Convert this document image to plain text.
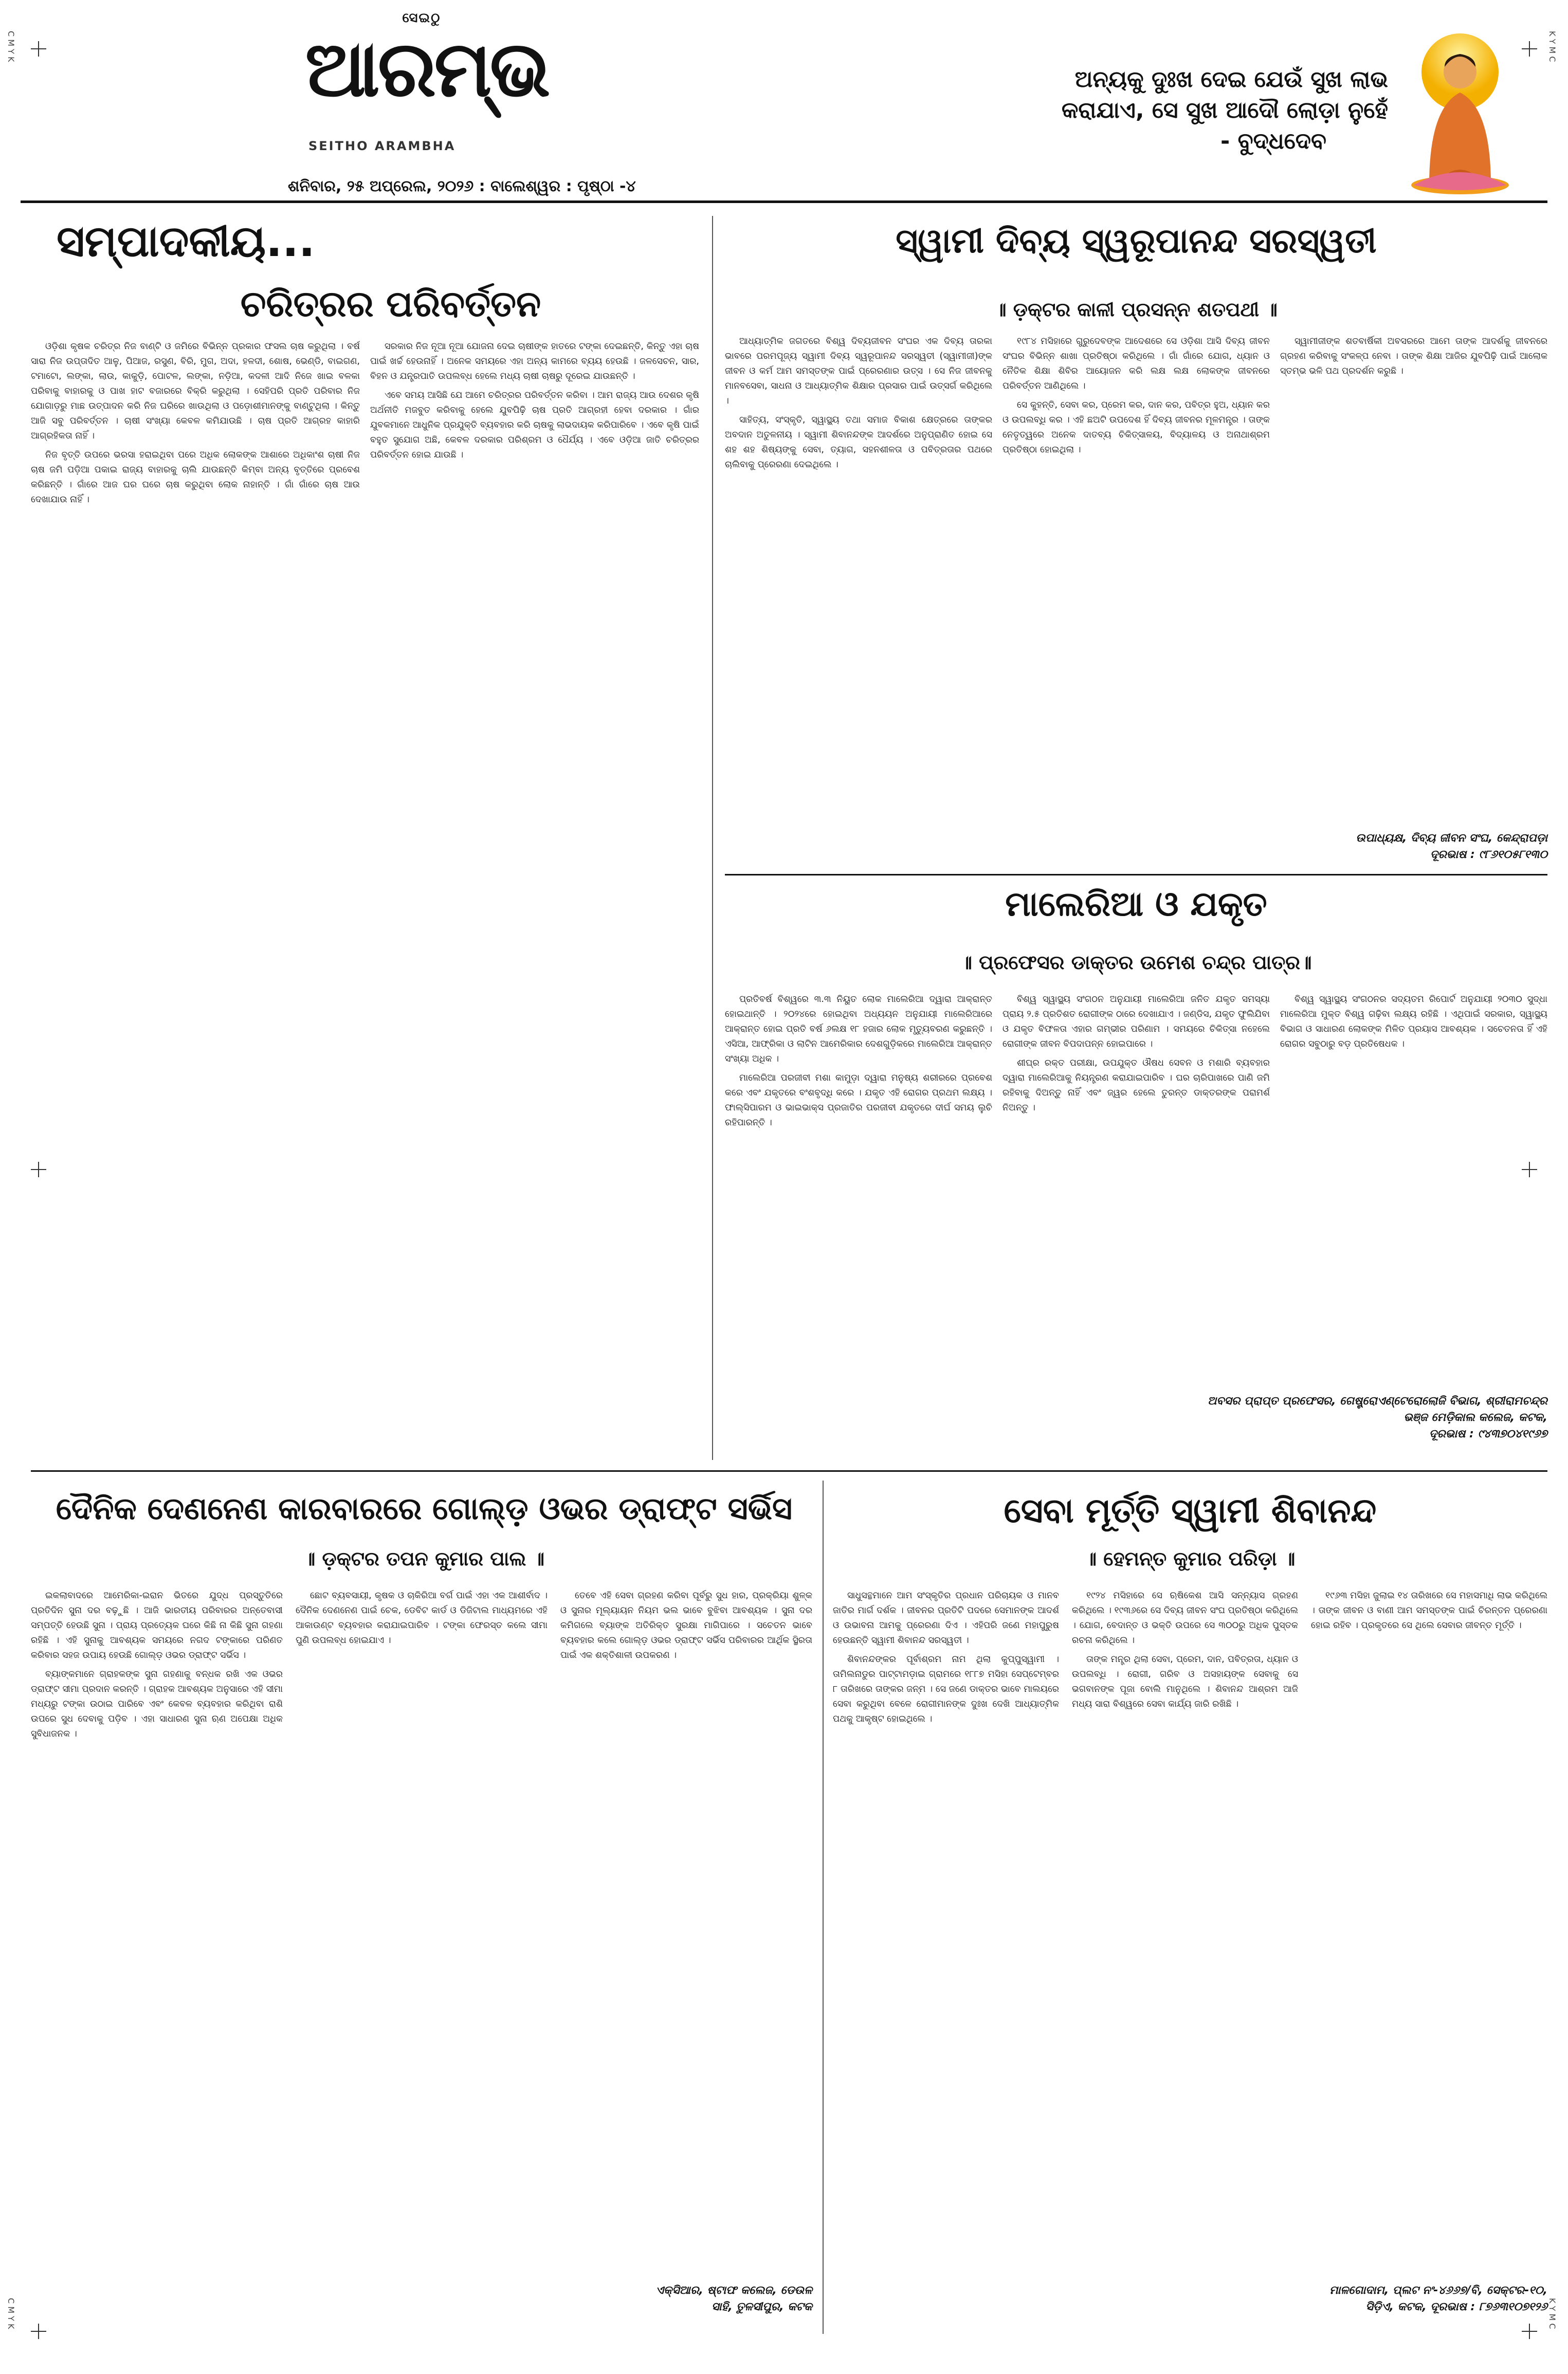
C M Y K	K Y M C
C M Y K	K Y M C
ସେଇଠୁ
ଆରମ୍ଭ
SEITHO ARAMBHA
ଶନିବାର, ୨୫ ଅପ୍ରେଲ, ୨୦୨୬ : ବାଲେଶ୍ୱର : ପୃଷ୍ଠା -୪
ଅନ୍ୟକୁ ଦୁଃଖ ଦେଇ ଯେଉଁ ସୁଖ ଲାଭ
କରାଯାଏ, ସେ ସୁଖ ଆଦୌ ଲୋଡ଼ା ନୁହେଁ
- ବୁଦ୍ଧଦେବ
ସମ୍ପାଦକୀୟ...
ଚରିତ୍ରର ପରିବର୍ତ୍ତନ

ଓଡ଼ିଶା କୃଷକ ଚରିତ୍ର ନିଜ ବାଣ୍ଟି ଓ ଜମିରେ ବିଭିନ୍ନ ପ୍ରକାର ଫସଲ ଚାଷ କରୁଥିଲା । ବର୍ଷ ସାରା ନିଜ ଉପ୍ତାଦିତ ଆଳୁ, ପିଆଜ, ରସୁଣ, ବିରି, ମୁଗ, ଅଦା, ହଳଦୀ, ଶୋଷ, ଭେଣ୍ଡି, ବାଇଗଣ, ଟମାଟୋ, ଲଙ୍କା, ଲାଉ, କାକୁଡ଼ି, ପୋଟଳ, ଲଙ୍କା, ନଡ଼ିଆ, କଦଳୀ ଆଦି ନିଜେ ଖାଇ ବଳକା ପରିବାକୁ ବାହାରକୁ ଓ ପାଖ ହାଟ ବଜାରରେ ବିକ୍ରି କରୁଥିଲା । ସେହିପରି ପ୍ରତି ପରିବାର ନିଜ ଯୋଗାଡ଼ରୁ ମାଛ ଉତ୍ପାଦନ କରି ନିଜ ଘରିରେ ଖାଉଥିଲା ଓ ପଡ଼ୋଶୀମାନଙ୍କୁ ବାଣ୍ଟୁଥିଲା । କିନ୍ତୁ ଆଜି ସବୁ ପରିବର୍ତ୍ତନ । ଚାଷୀ ସଂଖ୍ୟା କେବଳ କମିଯାଉଛି । ଚାଷ ପ୍ରତି ଆଗ୍ରହ କାହାରି ଆଗ୍ରହିକତା ନାହିଁ ।

ନିଜ ବୃତ୍ତି ଉପରେ ଭରସା ହରାଇଥିବା ପରେ ଅଧିକ ଲୋକଙ୍କ ଆଶାରେ ଅଧିକାଂଶ ଚାଷୀ ନିଜ ଚାଷ ଜମି ପଡ଼ିଆ ପକାଇ ରାଜ୍ୟ ବାହାରକୁ ଚାଲି ଯାଉଛନ୍ତି କିମ୍ବା ଅନ୍ୟ ବୃତ୍ତିରେ ପ୍ରବେଶ କରିଛନ୍ତି । ଗାଁରେ ଆଜ ଘର ଘରେ ଚାଷ କରୁଥିବା ଲୋକ ନାହାନ୍ତି । ଗାଁ ଗାଁରେ ଚାଷ ଆଉ ଦେଖାଯାଉ ନାହିଁ ।

ସରକାର ନିଜ ନୂଆ ନୂଆ ଯୋଜନା ଦେଇ ଚାଷୀଙ୍କ ହାତରେ ଟଙ୍କା ଦେଇଛନ୍ତି, କିନ୍ତୁ ଏହା ଚାଷ ପାଇଁ ଖର୍ଚ୍ଚ ହେଉନାହିଁ । ଅନେକ ସମୟରେ ଏହା ଅନ୍ୟ କାମରେ ବ୍ୟୟ ହେଉଛି । ଜଳସେଚନ, ସାର, ବିହନ ଓ ଯନ୍ତ୍ରପାତି ଉପଲବ୍ଧ ହେଲେ ମଧ୍ୟ ଚାଷୀ ଚାଷରୁ ଦୂରେଇ ଯାଉଛନ୍ତି ।

ଏବେ ସମୟ ଆସିଛି ଯେ ଆମେ ଚରିତ୍ରର ପରିବର୍ତ୍ତନ କରିବା । ଆମ ରାଜ୍ୟ ଆଉ ଦେଶର କୃଷି ଅର୍ଥନୀତି ମଜବୁତ କରିବାକୁ ହେଲେ ଯୁବପିଢ଼ି ଚାଷ ପ୍ରତି ଆଗ୍ରହୀ ହେବା ଦରକାର । ଗାଁର ଯୁବକମାନେ ଆଧୁନିକ ପ୍ରଯୁକ୍ତି ବ୍ୟବହାର କରି ଚାଷକୁ ଲାଭଦାୟକ କରିପାରିବେ । ଏବେ କୃଷି ପାଇଁ ବହୁତ ସୁଯୋଗ ଅଛି, କେବଳ ଦରକାର ପରିଶ୍ରମ ଓ ଧୈର୍ଯ୍ୟ । ଏବେ ଓଡ଼ିଆ ଜାତି ଚରିତ୍ରର ପରିବର୍ତ୍ତନ ହୋଇ ଯାଉଛି ।

ସ୍ୱାମୀ ଦିବ୍ୟ ସ୍ୱରୂପାନନ୍ଦ ସରସ୍ୱତୀ
॥ ଡ଼କ୍ଟର କାଳୀ ପ୍ରସନ୍ନ ଶତପଥୀ ॥

ଆଧ୍ୟାତ୍ମିକ ଜଗତରେ ବିଶ୍ୱ ଦିବ୍ୟଜୀବନ ସଂଘର ଏକ ଦିବ୍ୟ ତାରକା ଭାବରେ ପରମପୂଜ୍ୟ ସ୍ୱାମୀ ଦିବ୍ୟ ସ୍ୱରୂପାନନ୍ଦ ସରସ୍ୱତୀ (ସ୍ୱାମୀଜୀ)ଙ୍କ ଜୀବନ ଓ କର୍ମ ଆମ ସମସ୍ତଙ୍କ ପାଇଁ ପ୍ରେରଣାର ଉତ୍ସ । ସେ ନିଜ ଜୀବନକୁ ମାନବସେବା, ସାଧନା ଓ ଆଧ୍ୟାତ୍ମିକ ଶିକ୍ଷାର ପ୍ରସାର ପାଇଁ ଉତ୍ସର୍ଗ କରିଥିଲେ ।

ସାହିତ୍ୟ, ସଂସ୍କୃତି, ସ୍ୱାସ୍ଥ୍ୟ ତଥା ସମାଜ ବିକାଶ କ୍ଷେତ୍ରରେ ତାଙ୍କର ଅବଦାନ ଅତୁଳନୀୟ । ସ୍ୱାମୀ ଶିବାନନ୍ଦଙ୍କ ଆଦର୍ଶରେ ଅନୁପ୍ରାଣିତ ହୋଇ ସେ ଶହ ଶହ ଶିଷ୍ୟଙ୍କୁ ସେବା, ତ୍ୟାଗ, ସହନଶୀଳତା ଓ ପବିତ୍ରତାର ପଥରେ ଚାଲିବାକୁ ପ୍ରେରଣା ଦେଇଥିଲେ ।

୧୯୮୪ ମସିହାରେ ଗୁରୁଦେବଙ୍କ ଆଦେଶରେ ସେ ଓଡ଼ିଶା ଆସି ଦିବ୍ୟ ଜୀବନ ସଂଘର ବିଭିନ୍ନ ଶାଖା ପ୍ରତିଷ୍ଠା କରିଥିଲେ । ଗାଁ ଗାଁରେ ଯୋଗ, ଧ୍ୟାନ ଓ ନୈତିକ ଶିକ୍ଷା ଶିବିର ଆୟୋଜନ କରି ଲକ୍ଷ ଲକ୍ଷ ଲୋକଙ୍କ ଜୀବନରେ ପରିବର୍ତ୍ତନ ଆଣିଥିଲେ ।

ସେ କୁହନ୍ତି, ସେବା କର, ପ୍ରେମ କର, ଦାନ କର, ପବିତ୍ର ହୁଅ, ଧ୍ୟାନ କର ଓ ଉପଲବ୍ଧି କର । ଏହି ଛଅଟି ଉପଦେଶ ହିଁ ଦିବ୍ୟ ଜୀବନର ମୂଳମନ୍ତ୍ର । ତାଙ୍କ ନେତୃତ୍ୱରେ ଅନେକ ଦାତବ୍ୟ ଚିକିତ୍ସାଳୟ, ବିଦ୍ୟାଳୟ ଓ ଅନାଥାଶ୍ରମ ପ୍ରତିଷ୍ଠା ହୋଇଥିଲା ।

ସ୍ୱାମୀଜୀଙ୍କ ଶତବାର୍ଷିକୀ ଅବସରରେ ଆମେ ତାଙ୍କ ଆଦର୍ଶକୁ ଜୀବନରେ ଗ୍ରହଣ କରିବାକୁ ସଂକଳ୍ପ ନେବା । ତାଙ୍କ ଶିକ୍ଷା ଆଜିର ଯୁବପିଢ଼ି ପାଇଁ ଆଲୋକ ସ୍ତମ୍ଭ ଭଳି ପଥ ପ୍ରଦର୍ଶନ କରୁଛି ।

ଉପାଧ୍ୟକ୍ଷ, ଦିବ୍ୟ ଜୀବନ ସଂଘ, କେନ୍ଦ୍ରାପଡ଼ା
ଦୂରଭାଷ : ୯୮୬୧୦୫୮୧୩୦
ମାଲେରିଆ ଓ ଯକୃତ
॥ ପ୍ରଫେସର ଡାକ୍ତର ଉମେଶ ଚନ୍ଦ୍ର ପାତ୍ର॥

ପ୍ରତିବର୍ଷ ବିଶ୍ୱରେ ୩.୩ ନିୟୁତ ଲୋକ ମାଲେରିଆ ଦ୍ୱାରା ଆକ୍ରାନ୍ତ ହୋଇଥାନ୍ତି । ୨୦୨୪ରେ ହୋଇଥିବା ଅଧ୍ୟୟନ ଅନୁଯାୟୀ ମାଲେରିଆରେ ଆକ୍ରାନ୍ତ ହୋଇ ପ୍ରତି ବର୍ଷ ୬ଲକ୍ଷ ୧୮ ହଜାର ଲୋକ ମୃତ୍ୟୁବରଣ କରୁଛନ୍ତି । ଏସିଆ, ଆଫ୍ରିକା ଓ ଲାଟିନ ଆମେରିକାର ଦେଶଗୁଡ଼ିକରେ ମାଲେରିଆ ଆକ୍ରାନ୍ତ ସଂଖ୍ୟା ଅଧିକ ।

ମାଲେରିଆ ପରଜୀବୀ ମଶା କାମୁଡ଼ା ଦ୍ୱାରା ମନୁଷ୍ୟ ଶରୀରରେ ପ୍ରବେଶ କରେ ଏବଂ ଯକୃତରେ ବଂଶବୃଦ୍ଧି କରେ । ଯକୃତ ଏହି ରୋଗର ପ୍ରଥମ ଲକ୍ଷ୍ୟ । ଫାଲ୍ସିପାରମ ଓ ଭାଇଭାକ୍ସ ପ୍ରଜାତିର ପରଜୀବୀ ଯକୃତରେ ଦୀର୍ଘ ସମୟ ଲୁଚି ରହିପାରନ୍ତି ।

ବିଶ୍ୱ ସ୍ୱାସ୍ଥ୍ୟ ସଂଗଠନ ଅନୁଯାୟୀ ମାଲେରିଆ ଜନିତ ଯକୃତ ସମସ୍ୟା ପ୍ରାୟ ୨.୫ ପ୍ରତିଶତ ରୋଗୀଙ୍କ ଠାରେ ଦେଖାଯାଏ । ଜଣ୍ଡିସ, ଯକୃତ ଫୁଲିଯିବା ଓ ଯକୃତ ବିଫଳତା ଏହାର ଗମ୍ଭୀର ପରିଣାମ । ସମୟରେ ଚିକିତ୍ସା ନହେଲେ ରୋଗୀଙ୍କ ଜୀବନ ବିପଦାପନ୍ନ ହୋଇପାରେ ।

ଶୀଘ୍ର ରକ୍ତ ପରୀକ୍ଷା, ଉପଯୁକ୍ତ ଔଷଧ ସେବନ ଓ ମଶାରି ବ୍ୟବହାର ଦ୍ୱାରା ମାଲେରିଆକୁ ନିୟନ୍ତ୍ରଣ କରାଯାଇପାରିବ । ଘର ଚାରିପାଖରେ ପାଣି ଜମି ରହିବାକୁ ଦିଅନ୍ତୁ ନାହିଁ ଏବଂ ଜ୍ୱର ହେଲେ ତୁରନ୍ତ ଡାକ୍ତରଙ୍କ ପରାମର୍ଶ ନିଅନ୍ତୁ ।

ବିଶ୍ୱ ସ୍ୱାସ୍ଥ୍ୟ ସଂଗଠନର ସଦ୍ୟତମ ରିପୋର୍ଟ ଅନୁଯାୟୀ ୨୦୩୦ ସୁଦ୍ଧା ମାଲେରିଆ ମୁକ୍ତ ବିଶ୍ୱ ଗଢ଼ିବା ଲକ୍ଷ୍ୟ ରହିଛି । ଏଥିପାଇଁ ସରକାର, ସ୍ୱାସ୍ଥ୍ୟ ବିଭାଗ ଓ ସାଧାରଣ ଲୋକଙ୍କ ମିଳିତ ପ୍ରୟାସ ଆବଶ୍ୟକ । ସଚେତନତା ହିଁ ଏହି ରୋଗର ସବୁଠାରୁ ବଡ଼ ପ୍ରତିଷେଧକ ।

ଅବସର ପ୍ରାପ୍ତ ପ୍ରଫେସର, ଗେଷ୍ଟ୍ରୋଏଣ୍ଟେରୋଲୋଜି ବିଭାଗ, ଶ୍ରୀରାମଚନ୍ଦ୍ର
ଭଞ୍ଜ ମେଡ଼ିକାଲ କଲେଜ, କଟକ,
ଦୂରଭାଷ : ୯୪୩୭୦୪୧୯୬୭
ଦୈନିକ ଦେଣନେଣ କାରବାରରେ ଗୋଲ୍ଡ଼ ଓଭର ଡ୍ରାଫ୍ଟ ସର୍ଭିସ
॥ ଡ଼କ୍ଟର ତପନ କୁମାର ପାଲ ॥

ଇକଲାବାଦରେ ଆମେରିକା-ଇରାନ ଭିତରେ ଯୁଦ୍ଧ ପ୍ରସ୍ତୁତିରେ ପ୍ରତିଦିନ ସୁନା ଦର ବଢ଼ୁଛି । ଆଜି ଭାରତୀୟ ପରିବାରର ଅନ୍ତେବାସୀ ସମ୍ପତ୍ତି ହେଉଛି ସୁନା । ପ୍ରାୟ ପ୍ରତ୍ୟେକ ଘରେ କିଛି ନା କିଛି ସୁନା ଗହଣା ରହିଛି । ଏହି ସୁନାକୁ ଆବଶ୍ୟକ ସମୟରେ ନଗଦ ଟଙ୍କାରେ ପରିଣତ କରିବାର ସହଜ ଉପାୟ ହେଉଛି ଗୋଲ୍ଡ଼ ଓଭର ଡ୍ରାଫ୍ଟ ସର୍ଭିସ ।

ବ୍ୟାଙ୍କମାନେ ଗ୍ରାହକଙ୍କ ସୁନା ଗହଣାକୁ ବନ୍ଧକ ରଖି ଏକ ଓଭର ଡ୍ରାଫ୍ଟ ସୀମା ପ୍ରଦାନ କରନ୍ତି । ଗ୍ରାହକ ଆବଶ୍ୟକ ଅନୁସାରେ ଏହି ସୀମା ମଧ୍ୟରୁ ଟଙ୍କା ଉଠାଇ ପାରିବେ ଏବଂ କେବଳ ବ୍ୟବହାର କରିଥିବା ରାଶି ଉପରେ ସୁଧ ଦେବାକୁ ପଡ଼ିବ । ଏହା ସାଧାରଣ ସୁନା ଋଣ ଅପେକ୍ଷା ଅଧିକ ସୁବିଧାଜନକ ।

ଛୋଟ ବ୍ୟବସାୟୀ, କୃଷକ ଓ ଚାକିରିଆ ବର୍ଗ ପାଇଁ ଏହା ଏକ ଆଶୀର୍ବାଦ । ଦୈନିକ ଦେଣନେଣ ପାଇଁ ଚେକ, ଡେବିଟ କାର୍ଡ ଓ ଡିଜିଟାଲ ମାଧ୍ୟମରେ ଏହି ଆକାଉଣ୍ଟ ବ୍ୟବହାର କରାଯାଇପାରିବ । ଟଙ୍କା ଫେରସ୍ତ କଲେ ସୀମା ପୁଣି ଉପଲବ୍ଧ ହୋଇଯାଏ ।

ତେବେ ଏହି ସେବା ଗ୍ରହଣ କରିବା ପୂର୍ବରୁ ସୁଧ ହାର, ପ୍ରକ୍ରିୟା ଶୁଳ୍କ ଓ ସୁନାର ମୂଲ୍ୟାୟନ ନିୟମ ଭଲ ଭାବେ ବୁଝିବା ଆବଶ୍ୟକ । ସୁନା ଦର କମିଗଲେ ବ୍ୟାଙ୍କ ଅତିରିକ୍ତ ସୁରକ୍ଷା ମାଗିପାରେ । ସଚେତନ ଭାବେ ବ୍ୟବହାର କଲେ ଗୋଲ୍ଡ଼ ଓଭର ଡ୍ରାଫ୍ଟ ସର୍ଭିସ ପରିବାରର ଆର୍ଥିକ ସ୍ଥିରତା ପାଇଁ ଏକ ଶକ୍ତିଶାଳୀ ଉପକରଣ ।

ଏକ୍ସିଆର, ଷ୍ଟାଫ କଲେଜ, ଡେଉଳ
ସାହି, ତୁଳସୀପୁର, କଟକ
ସେବା ମୂର୍ତ୍ତି ସ୍ୱାମୀ ଶିବାନନ୍ଦ
॥ ହେମନ୍ତ କୁମାର ପରିଡ଼ା ॥

ସାଧୁସନ୍ଥମାନେ ଆମ ସଂସ୍କୃତିର ପ୍ରଧାନ ପରିଚାୟକ ଓ ମାନବ ଜାତିର ମାର୍ଗ ଦର୍ଶକ । ଜୀବନର ପ୍ରତିଟି ପଦରେ ସେମାନଙ୍କ ଆଦର୍ଶ ଓ ଉଭାବନା ଆମକୁ ପ୍ରେରଣା ଦିଏ । ଏହିପରି ଜଣେ ମହାପୁରୁଷ ହେଉଛନ୍ତି ସ୍ୱାମୀ ଶିବାନନ୍ଦ ସରସ୍ୱତୀ ।

ଶିବାନନ୍ଦଙ୍କର ପୂର୍ବାଶ୍ରମ ନାମ ଥିଲା କୁପ୍ପୁସ୍ୱାମୀ । ତାମିଲନାଡୁର ପାଟ୍ଟାମଡ଼ାଇ ଗ୍ରାମରେ ୧୮୮୭ ମସିହା ସେପ୍ଟେମ୍ବର ୮ ତାରିଖରେ ତାଙ୍କର ଜନ୍ମ । ସେ ଜଣେ ଡାକ୍ତର ଭାବେ ମାଲୟରେ ସେବା କରୁଥିବା ବେଳେ ରୋଗୀମାନଙ୍କ ଦୁଃଖ ଦେଖି ଆଧ୍ୟାତ୍ମିକ ପଥକୁ ଆକୃଷ୍ଟ ହୋଇଥିଲେ ।

୧୯୨୪ ମସିହାରେ ସେ ଋଷିକେଶ ଆସି ସନ୍ନ୍ୟାସ ଗ୍ରହଣ କରିଥିଲେ । ୧୯୩୬ରେ ସେ ଦିବ୍ୟ ଜୀବନ ସଂଘ ପ୍ରତିଷ୍ଠା କରିଥିଲେ । ଯୋଗ, ବେଦାନ୍ତ ଓ ଭକ୍ତି ଉପରେ ସେ ୩୦୦ରୁ ଅଧିକ ପୁସ୍ତକ ରଚନା କରିଥିଲେ ।

ତାଙ୍କ ମନ୍ତ୍ର ଥିଲା ସେବା, ପ୍ରେମ, ଦାନ, ପବିତ୍ରତା, ଧ୍ୟାନ ଓ ଉପଲବ୍ଧି । ରୋଗୀ, ଗରିବ ଓ ଅସହାୟଙ୍କ ସେବାକୁ ସେ ଭଗବାନଙ୍କ ପୂଜା ବୋଲି ମାନୁଥିଲେ । ଶିବାନନ୍ଦ ଆଶ୍ରମ ଆଜି ମଧ୍ୟ ସାରା ବିଶ୍ୱରେ ସେବା କାର୍ଯ୍ୟ ଜାରି ରଖିଛି ।

୧୯୬୩ ମସିହା ଜୁଲାଇ ୧୪ ତାରିଖରେ ସେ ମହାସମାଧି ଲାଭ କରିଥିଲେ । ତାଙ୍କ ଜୀବନ ଓ ବାଣୀ ଆମ ସମସ୍ତଙ୍କ ପାଇଁ ଚିରନ୍ତନ ପ୍ରେରଣା ହୋଇ ରହିବ । ପ୍ରକୃତରେ ସେ ଥିଲେ ସେବାର ଜୀବନ୍ତ ମୂର୍ତ୍ତି ।

ମାଳଗୋଦାମ, ପ୍ଲଟ ନଂ-୪୬୬୭/ବି, ସେକ୍ଟର-୧୦,
ସିଡ଼ିଏ, କଟକ, ଦୂରଭାଷ : ୮୭୬୩୧୦୭୧୨୬
